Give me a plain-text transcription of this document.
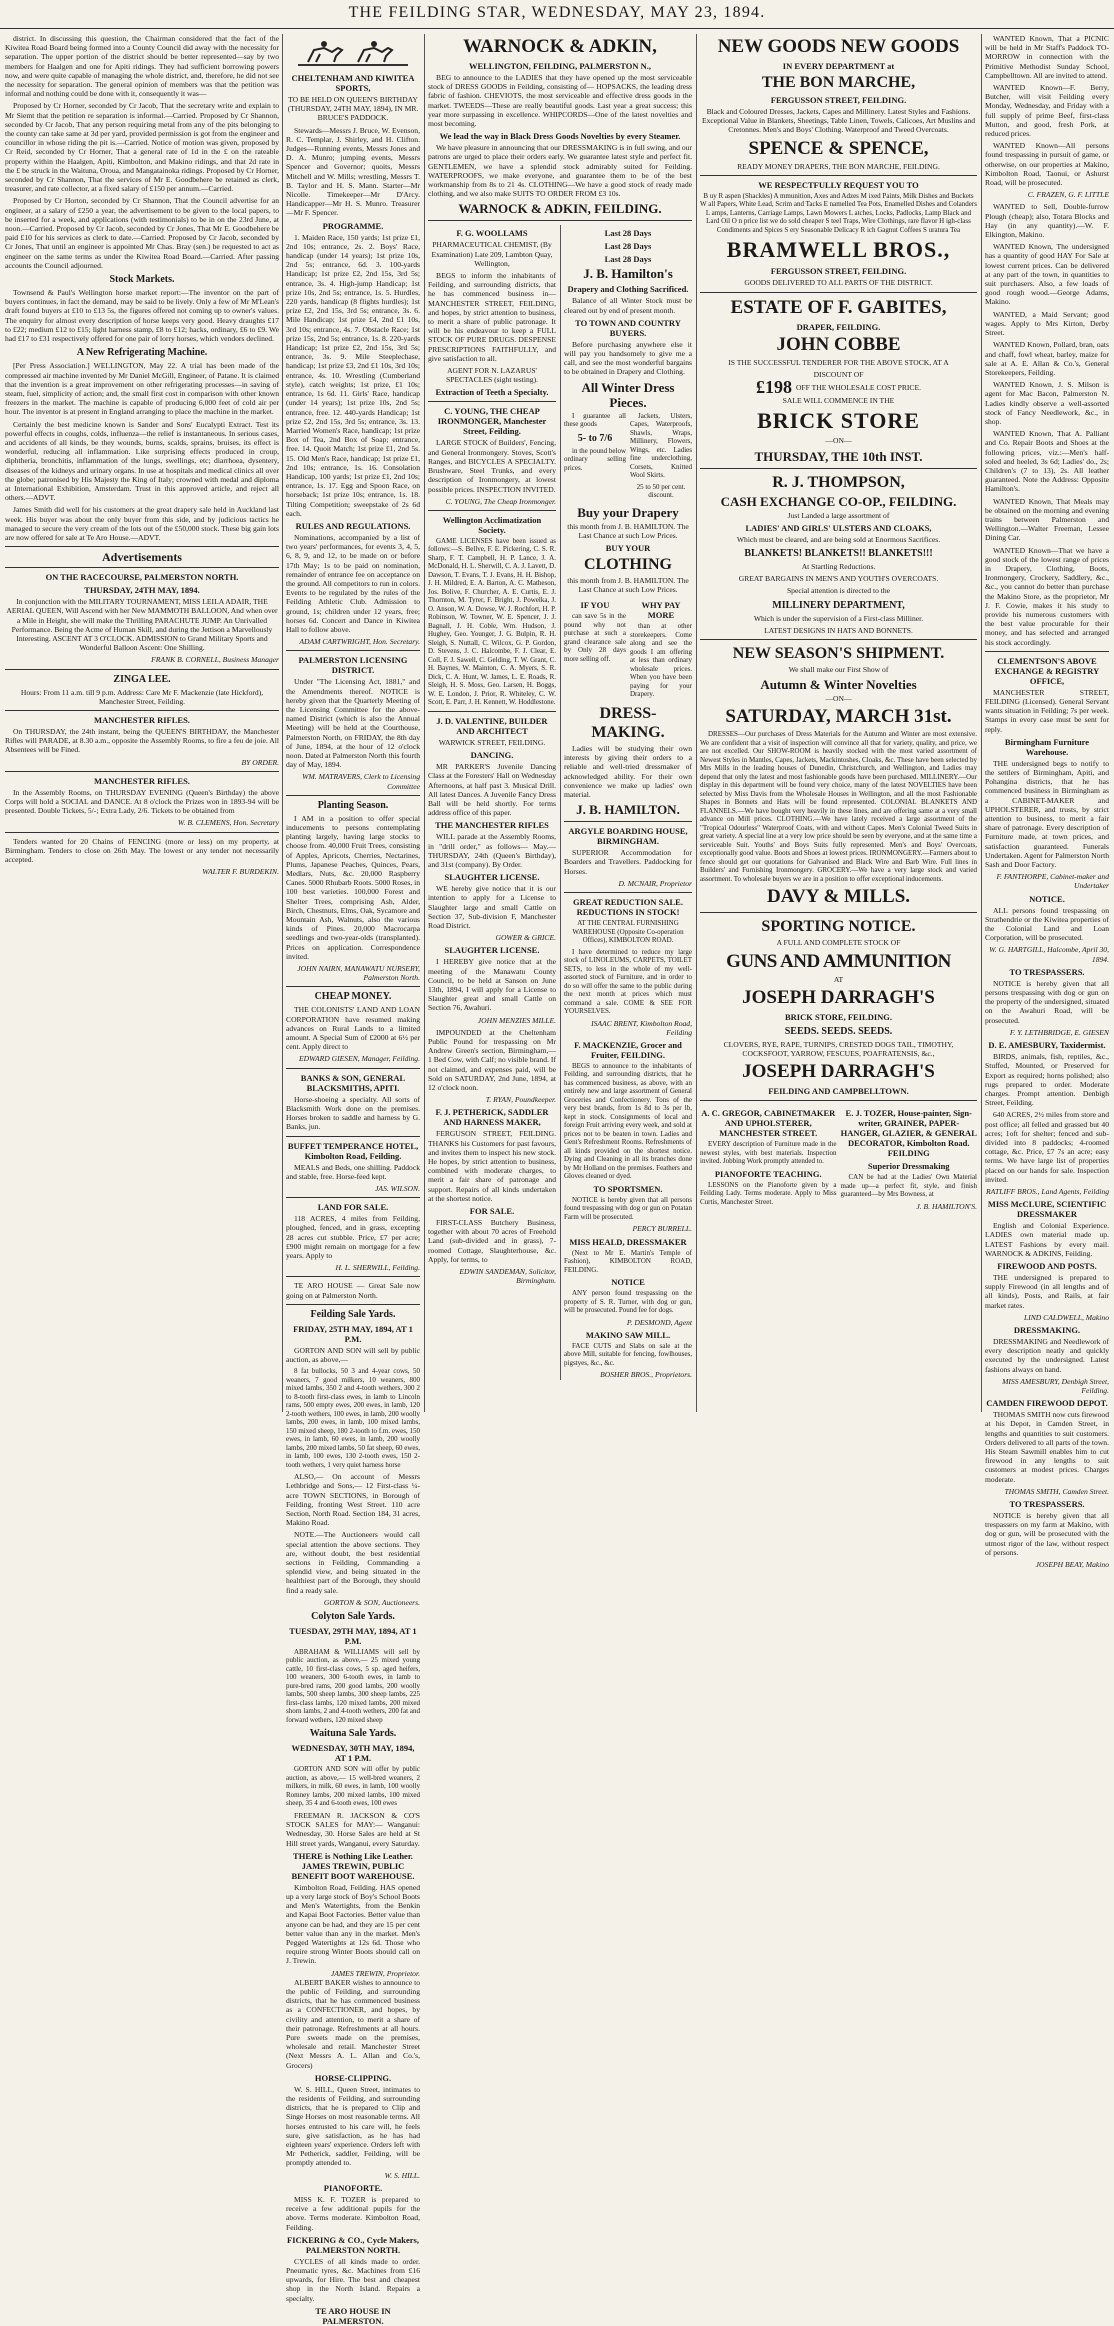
THE FEILDING STAR, WEDNESDAY, MAY 23, 1894.

district. In discussing this question, the Chairman considered that the fact of the Kiwitea Road Board being formed into a County Council did away with the necessity for separation. The upper portion of the district should be better represented—say by two members for Haalgen and one for Apiti ridings. They had sufficient borrowing powers now, and were quite capable of managing the whole district, and, therefore, he did not see the necessity for separation. The general opinion of members was that the petition was informal and nothing could be done with it, consequently it was—

Proposed by Cr Horner, seconded by Cr Jacob, That the secretary write and explain to Mr Siemt that the petition re separation is informal.—Carried. Proposed by Cr Shannon, seconded by Cr Jacob, That any person requiring metal from any of the pits belonging to the county can take same at 3d per yard, provided permission is got from the engineer and councillor in whose riding the pit is.—Carried. Notice of motion was given, proposed by Cr Reid, seconded by Cr Horner, That a general rate of 1d in the £ on the rateable property within the Haalgen, Apiti, Kimbolton, and Makino ridings, and that 2d rate in the £ be struck in the Waituna, Oroua, and Mangatainoka ridings. Proposed by Cr Horner, seconded by Cr Shannon, That the services of Mr E. Goodbehere be retained as clerk, treasurer, and rate collector, at a fixed salary of £150 per annum.—Carried.

Proposed by Cr Horton, seconded by Cr Shannon, That the Council advertise for an engineer, at a salary of £250 a year, the advertisement to be given to the local papers, to be inserted for a week, and applications (with testimonials) to be in on the 23rd June, at noon.—Carried. Proposed by Cr Jacob, seconded by Cr Jones, That Mr E. Goodbehere be paid £10 for his services as clerk to date.—Carried. Proposed by Cr Jacob, seconded by Cr Jones, That until an engineer is appointed Mr Chas. Bray (sen.) be requested to act as engineer on the same terms as under the Kiwitea Road Board.—Carried. After passing accounts the Council adjourned.

Stock Markets.

Townsend & Paul's Wellington horse market report:—The inventor on the part of buyers continues, in fact the demand, may be said to be lively. Only a few of Mr M'Lean's draft found buyers at £10 to £13 5s, the figures offered not coming up to owner's values. The enquiry for almost every description of horse keeps very good. Heavy draughts £17 to £22; medium £12 to £15; light harness stamp, £8 to £12; hacks, ordinary, £6 to £9. We had £17 to £31 respectively offered for one pair of lorry horses, which vendors declined.

A New Refrigerating Machine.

[Per Press Association.] WELLINGTON, May 22. A trial has been made of the compressed air machine invented by Mr Daniel McGill, Engineer, of Patane. It is claimed that the invention is a great improvement on other refrigerating processes—in saving of steam, fuel, simplicity of action; and, the small first cost in comparison with other known freezers in the market. The machine is capable of producing 6,000 feet of cold air per hour. The inventor is at present in England arranging to place the machine in the market.

Certainly the best medicine known is Sander and Sons' Eucalypti Extract. Test its powerful effects in coughs, colds, influenza—the relief is instantaneous. In serious cases, and accidents of all kinds, be they wounds, burns, scalds, sprains, bruises, its effect is wonderful, reducing all inflammation. Like surprising effects produced in croup, diphtheria, bronchitis, inflammation of the lungs, swellings, etc; diarrhoea, dysentery, diseases of the kidneys and urinary organs. In use at hospitals and medical clinics all over the globe; patronised by His Majesty the King of Italy; crowned with medal and diploma at International Exhibition, Amsterdam. Trust in this approved article, and reject all others.—ADVT.

James Smith did well for his customers at the great drapery sale held in Auckland last week. His buyer was about the only buyer from this side, and by judicious tactics he managed to secure the very cream of the lots out of the £50,000 stock. These big gain lots are now offered for sale at Te Aro House.—ADVT.

Advertisements
ON THE RACECOURSE, PALMERSTON NORTH.
THURSDAY, 24TH MAY, 1894.

In conjunction with the MILITARY TOURNAMENT, MISS LEILA ADAIR, THE AERIAL QUEEN, Will Ascend with her New MAMMOTH BALLOON, And when over a Mile in Height, she will make the Thrilling PARACHUTE JUMP. An Unrivalled Performance. Being the Acme of Human Skill, and during the Jettison a Marvellously Interesting. ASCENT AT 3 O'CLOCK. ADMISSION to Grand Military Sports and Wonderful Balloon Ascent: One Shilling.

FRANK B. CORNELL, Business Manager

ZINGA LEE.

Hours: From 11 a.m. till 9 p.m. Address: Care Mr F. Mackenzie (late Hickford), Manchester Street, Feilding.

MANCHESTER RIFLES.

On THURSDAY, the 24th instant, being the QUEEN'S BIRTHDAY, the Manchester Rifles will PARADE, at 8.30 a.m., opposite the Assembly Rooms, to fire a feu de joie. All Absentees will be Fined.

BY ORDER.

MANCHESTER RIFLES.

In the Assembly Rooms, on THURSDAY EVENING (Queen's Birthday) the above Corps will hold a SOCIAL and DANCE. At 8 o'clock the Prizes won in 1893-94 will be presented. Double Tickets, 5/-; Extra Lady, 2/6. Tickets to be obtained from

W. B. CLEMENS, Hon. Secretary

Tenders wanted for 20 Chains of FENCING (more or less) on my property, at Birmingham. Tenders to close on 26th May. The lowest or any tender not necessarily accepted.

WALTER F. BURDEKIN.

CHELTENHAM AND KIWITEA SPORTS,

TO BE HELD ON QUEEN'S BIRTHDAY (THURSDAY, 24TH MAY, 1894), IN MR. BRUCE'S PADDOCK.

Stewards—Messrs J. Bruce, W. Evenson, R. C. Templar, J. Shirley, and H. Clifton. Judges—Running events, Messrs Jones and D. A. Munro; jumping events, Messrs Spencer and Governor; quoits, Messrs Mitchell and W. Mills; wrestling, Messrs T. B. Taylor and H. S. Mann. Starter—Mr Nicolle. Timekeeper—Mr D'Arcy. Handicapper—Mr H. S. Munro. Treasurer—Mr F. Spencer.

PROGRAMME.

1. Maiden Race, 150 yards; 1st prize £1, 2nd 10s; entrance, 2s. 2. Boys' Race, handicap (under 14 years); 1st prize 10s, 2nd 5s; entrance, 6d. 3. 100-yards Handicap; 1st prize £2, 2nd 15s, 3rd 5s; entrance, 3s. 4. High-jump Handicap; 1st prize 10s, 2nd 5s; entrance, 1s. 5. Hurdles, 220 yards, handicap (8 flights hurdles); 1st prize £2, 2nd 15s, 3rd 5s; entrance, 3s. 6. Mile Handicap; 1st prize £4, 2nd £1 10s, 3rd 10s; entrance, 4s. 7. Obstacle Race; 1st prize 15s, 2nd 5s; entrance, 1s. 8. 220-yards Handicap; 1st prize £2, 2nd 15s, 3rd 5s; entrance, 3s. 9. Mile Steeplechase, handicap; 1st prize £3, 2nd £1 10s, 3rd 10s; entrance, 4s. 10. Wrestling (Cumberland style), catch weights; 1st prize, £1 10s; entrance, 1s 6d. 11. Girls' Race, handicap (under 14 years); 1st prize 10s, 2nd 5s; entrance, free. 12. 440-yards Handicap; 1st prize £2, 2nd 15s, 3rd 5s; entrance, 3s. 13. Married Women's Race, handicap; 1st prize Box of Tea, 2nd Box of Soap; entrance, free. 14. Quoit Match; 1st prize £1, 2nd 5s. 15. Old Men's Race, handicap; 1st prize £1, 2nd 10s; entrance, 1s. 16. Consolation Handicap, 100 yards; 1st prize £1, 2nd 10s; entrance, 1s. 17. Egg and Spoon Race, on horseback; 1st prize 10s; entrance, 1s. 18. Tilting Competition; sweepstake of 2s 6d each.

RULES AND REGULATIONS.

Nominations, accompanied by a list of two years' performances, for events 3, 4, 5, 6, 8, 9, and 12, to be made on or before 17th May; 1s to be paid on nomination, remainder of entrance fee on acceptance on the ground. All competitors to run in colors. Events to be regulated by the rules of the Feilding Athletic Club. Admission to ground, 1s; children under 12 years, free; horses 6d. Concert and Dance in Kiwitea Hall to follow above.

ADAM CARTWRIGHT, Hon. Secretary.

PALMERSTON LICENSING DISTRICT.

Under "The Licensing Act, 1881," and the Amendments thereof. NOTICE is hereby given that the Quarterly Meeting of the Licensing Committee for the above-named District (which is also the Annual Meeting) will be held at the Courthouse, Palmerston North, on FRIDAY, the 8th day of June, 1894, at the hour of 12 o'clock noon. Dated at Palmerston North this fourth day of May, 1894.

WM. MATRAVERS, Clerk to Licensing Committee

Planting Season.

I AM in a position to offer special inducements to persons contemplating planting largely, having large stocks to choose from. 40,000 Fruit Trees, consisting of Apples, Apricots, Cherries, Nectarines, Plums, Japanese Peaches, Quinces, Pears, Medlars, Nuts, &c. 20,000 Raspberry Canes. 5000 Rhubarb Roots. 5000 Roses, in 100 best varieties. 100,000 Forest and Shelter Trees, comprising Ash, Alder, Birch, Chestnuts, Elms, Oak, Sycamore and Mountain Ash, Walnuts, also the various kinds of Pines. 20,000 Macrocarpa seedlings and two-year-olds (transplanted). Prices on application. Correspondence invited.

JOHN NAIRN, MANAWATU NURSERY, Palmerston North.

CHEAP MONEY.

THE COLONISTS' LAND AND LOAN CORPORATION have resumed making advances on Rural Lands to a limited amount. A Special Sum of £2000 at 6½ per cent. Apply direct to

EDWARD GIESEN, Manager, Feilding.

BANKS & SON, GENERAL BLACKSMITHS, APITI.

Horse-shoeing a specialty. All sorts of Blacksmith Work done on the premises. Horses broken to saddle and harness by G. Banks, jun.

BUFFET TEMPERANCE HOTEL, Kimbolton Road, Feilding.

MEALS and Beds, one shilling. Paddock and stable, free. Horse-feed kept.

JAS. WILSON.

LAND FOR SALE.

118 ACRES, 4 miles from Feilding, ploughed, fenced, and in grass, excepting 28 acres cut stubble. Price, £7 per acre; £900 might remain on mortgage for a few years. Apply to

H. L. SHERWILL, Feilding.

TE ARO HOUSE — Great Sale now going on at Palmerston North.

Feilding Sale Yards.
FRIDAY, 25TH MAY, 1894, AT 1 P.M.

GORTON AND SON will sell by public auction, as above,—

8 fat bullocks, 50 3 and 4-year cows, 50 weaners, 7 good milkers, 10 weaners, 800 mixed lambs, 350 2 and 4-tooth wethers, 300 2 to 8-tooth first-class ewes, in lamb to Lincoln rams, 500 empty ewes, 200 ewes, in lamb, 120 2-tooth wethers, 100 ewes, in lamb, 200 woolly lambs, 200 ewes, in lamb, 100 mixed lambs, 150 mixed sheep, 180 2-tooth to f.m. ewes, 150 ewes, in lamb, 60 ewes, in lamb, 200 woolly lambs, 200 mixed lambs, 50 fat sheep, 60 ewes, in lamb, 100 ewes, 130 2-tooth ewes, 150 2-tooth wethers, 1 very quiet harness horse

ALSO,— On account of Messrs Lethbridge and Sons,— 12 First-class ¼-acre TOWN SECTIONS, in Borough of Feilding, fronting West Street. 110 acre Section, North Road. Section 184, 31 acres, Makino Road.

NOTE.—The Auctioneers would call special attention the above sections. They are, without doubt, the best residential sections in Feilding, Commanding a splendid view, and being situated in the healthiest part of the Borough, they should find a ready sale.

GORTON & SON, Auctioneers.
Colyton Sale Yards.
TUESDAY, 29TH MAY, 1894, AT 1 P.M.

ABRAHAM & WILLIAMS will sell by public auction, as above,— 25 mixed young cattle, 10 first-class cows, 5 sp. aged heifers, 100 weaners, 300 6-tooth ewes, in lamb to pure-bred rams, 200 good lambs, 200 woolly lambs, 500 sheep lambs, 300 sheep lambs, 225 first-class lambs, 120 mixed lambs, 200 mixed shorn lambs, 2 and 4-tooth wethers, 200 fat and forward wethers, 120 mixed sheep

Waituna Sale Yards.
WEDNESDAY, 30TH MAY, 1894, AT 1 P.M.

GORTON AND SON will offer by public auction, as above,— 15 well-bred weaners, 2 milkers, in milk, 60 ewes, in lamb, 100 woolly Romney lambs, 200 mixed lambs, 100 mixed sheep, 35 4 and 6-tooth ewes, 100 ewes

FREEMAN R. JACKSON & CO'S STOCK SALES for MAY:— Wanganui: Wednesday, 30. Horse Sales are held at St Hill street yards, Wanganui, every Saturday.

THERE is Nothing Like Leather. JAMES TREWIN, PUBLIC BENEFIT BOOT WAREHOUSE.

Kimbolton Road, Feilding. HAS opened up a very large stock of Boy's School Boots and Men's Watertights, from the Benkin and Kapai Boot Factories. Better value than anyone can be had, and they are 15 per cent better value than any in the market. Men's Pegged Watertights at 12s 6d. Those who require strong Winter Boots should call on J. Trewin.

JAMES TREWIN, Proprietor.

ALBERT BAKER wishes to announce to the public of Feilding, and surrounding districts, that he has commenced business as a CONFECTIONER, and hopes, by civility and attention, to merit a share of their patronage. Refreshments at all hours. Pure sweets made on the premises, wholesale and retail. Manchester Street (Next Messrs A. L. Allan and Co.'s, Grocers)

HORSE-CLIPPING.

W. S. HILL, Queen Street, intimates to the residents of Feilding, and surrounding districts, that he is prepared to Clip and Singe Horses on most reasonable terms. All horses entrusted to his care will, he feels sure, give satisfaction, as he has had eighteen years' experience. Orders left with Mr Petherick, saddler, Feilding, will be promptly attended to.

W. S. HILL.
PIANOFORTE.

MISS K. F. TOZER is prepared to receive a few additional pupils for the above. Terms moderate. Kimbolton Road, Feilding.

FICKERING & CO., Cycle Makers, PALMERSTON NORTH.

CYCLES of all kinds made to order. Pneumatic tyres, &c. Machines from £16 upwards, for Hire. The best and cheapest shop in the North Island. Repairs a specialty.

TE ARO HOUSE IN PALMERSTON.
WARNOCK & ADKIN,
WELLINGTON, FEILDING, PALMERSTON N.,

BEG to announce to the LADIES that they have opened up the most serviceable stock of DRESS GOODS in Feilding, consisting of— HOPSACKS, the leading dress fabric of fashion. CHEVIOTS, the most serviceable and effective dress goods in the market. TWEEDS—These are really beautiful goods. Last year a great success; this year more surpassing in excellence. WHIPCORDS—One of the latest novelties and most becoming.

We lead the way in Black Dress Goods Novelties by every Steamer.

We have pleasure in announcing that our DRESSMAKING is in full swing, and our patrons are urged to place their orders early. We guarantee latest style and perfect fit. GENTLEMEN, we have a splendid stock admirably suited for Feilding. WATERPROOFS, we make everyone, and guarantee them to be of the best workmanship from 8s to 21 4s. CLOTHING—We have a good stock of ready made clothing, and we also make SUITS TO ORDER FROM £3 10s.

WARNOCK & ADKIN, FEILDING.
F. G. WOOLLAMS

PHARMACEUTICAL CHEMIST, (By Examination) Late 209, Lambton Quay, Wellington,

BEGS to inform the inhabitants of Feilding, and surrounding districts, that he has commenced business in— MANCHESTER STREET, FEILDING, and hopes, by strict attention to business, to merit a share of public patronage. It will be his endeavour to keep a FULL STOCK OF PURE DRUGS. DESPENSE PRESCRIPTIONS FAITHFULLY, and give satisfaction to all.

AGENT FOR N. LAZARUS' SPECTACLES (sight testing).

Extraction of Teeth a Specialty.
C. YOUNG, THE CHEAP IRONMONGER, Manchester Street, Feilding.

LARGE STOCK of Builders', Fencing, and General Ironmongery. Stoves, Scott's Ranges, and BICYCLES A SPECIALTY. Brushware, Steel Trunks, and every description of Ironmongery, at lowest possible prices. INSPECTION INVITED.

C. YOUNG, The Cheap Ironmonger.

Wellington Acclimatization Society.

GAME LICENSES have been issued as follows:—S. Bellve, F. E. Pickering, C. S. R. Sharp, F. T. Campbell, H. P. Lance, J. A. McDonald, H. L. Sherwill, C. A. J. Lavett, D. Dawson, T. Evans, T. J. Evans, H. H. Bishop, J. H. Mildred, E. A. Barton, A. C. Matheson, Jos. Bolive, F. Churcher, A. E. Curtis, E. J. Thornton, M. Tyrer, F. Bright, J. Powelka, J. O. Anson, W. A. Dowse, W. J. Rochfort, H. P. Robinson, W. Towner, W. E. Spencer, J. J. Bagnall, J. H. Coble, Wm. Hudson, J. Hughey, Geo. Younger, J. G. Bulpin, R. H. Sleigh, S. Nuttall, C. Wilcox, G. P. Gordon, D. Stevens, J. C. Halcombe, F. J. Clear, E. Coll, F. J. Sawell, C. Gelding, T. W. Grant, C. H. Baynes, W. Mainton, C. A. Myers, S. R. Dick, C. A. Hunt, W. James, L. E. Roads, R. Sleigh, H. S. Moss, Geo. Larsen, H. Boggs, W. E. London, J. Prior, R. Whiteley, C. W. Scott, E. Parr, J. H. Kennett, W. Hoddlestone.

J. D. VALENTINE, BUILDER AND ARCHITECT

WARWICK STREET, FEILDING.

DANCING.

MR PARKER'S Juvenile Dancing Class at the Foresters' Hall on Wednesday Afternoons, at half past 3. Musical Drill. All latest Dances. A Juvenile Fancy Dress Ball will be held shortly. For terms address office of this paper.

THE MANCHESTER RIFLES

WILL parade at the Assembly Rooms, in "drill order," as follows— May.—THURSDAY, 24th (Queen's Birthday), and 31st (company). By Order.

SLAUGHTER LICENSE.

WE hereby give notice that it is our intention to apply for a License to Slaughter large and small Cattle on Section 37, Sub-division F, Manchester Road District.

GOWER & GRICE.

SLAUGHTER LICENSE.

I HEREBY give notice that at the meeting of the Manawatu County Council, to be held at Sanson on June 13th, 1894, I will apply for a License to Slaughter great and small Cattle on Section 76, Awahuri.

JOHN MENZIES MILLE.

IMPOUNDED at the Cheltenham Public Pound for trespassing on Mr Andrew Green's section, Birmingham,— 1 Bed Cow, with Calf; no visible brand. If not claimed, and expenses paid, will be Sold on SATURDAY, 2nd June, 1894, at 12 o'clock noon.

T. RYAN, Poundkeeper.

F. J. PETHERICK, SADDLER AND HARNESS MAKER,

FERGUSON STREET, FEILDING. THANKS his Customers for past favours, and invites them to inspect his new stock. He hopes, by strict attention to business, combined with moderate charges, to merit a fair share of patronage and support. Repairs of all kinds undertaken at the shortest notice.

FOR SALE.

FIRST-CLASS Butchery Business, together with about 70 acres of Freehold Land (sub-divided and in grass), 7-roomed Cottage, Slaughterhouse, &c. Apply, for terms, to

EDWIN SANDEMAN, Solicitor, Birmingham.

Last 28 Days
Last 28 Days
Last 28 Days
J. B. Hamilton's
Drapery and Clothing Sacrificed.

Balance of all Winter Stock must be cleared out by end of present month.

TO TOWN AND COUNTRY BUYERS.

Before purchasing anywhere else it will pay you handsomely to give me a call, and see the most wonderful bargains to be obtained in Drapery and Clothing.

All Winter Dress Pieces.

I guarantee all these goods

5- to 7/6

in the pound below ordinary selling prices.

Jackets, Ulsters, Capes, Waterproofs, Shawls, Wraps, Millinery, Flowers, Wings, etc. Ladies fine underclothing, Corsets, Knitted Wool Skirts.

25 to 50 per cent. discount.

Buy your Drapery

this month from J. B. HAMILTON. The Last Chance at such Low Prices.

BUY YOUR
CLOTHING

this month from J. B. HAMILTON. The Last Chance at such Low Prices.

IF YOU

can save 5s in the pound why not purchase at such a grand clearance sale by Only 28 days more selling off.

WHY PAY MORE

than at other storekeepers. Come along and see the goods I am offering at less than ordinary wholesale prices. When you have been paying for your Drapery.

DRESS-MAKING.

Ladies will be studying their own interests by giving their orders to a reliable and well-tried dressmaker of acknowledged ability. For their own convenience we make up ladies' own material.

J. B. HAMILTON.
ARGYLE BOARDING HOUSE, BIRMINGHAM.

SUPERIOR Accommodation for Boarders and Travellers. Paddocking for Horses.

D. MCNAIR, Proprietor

GREAT REDUCTION SALE. REDUCTIONS IN STOCK!

AT THE CENTRAL FURNISHING WAREHOUSE (Opposite Co-operation Offices), KIMBOLTON ROAD.

I have determined to reduce my large stock of LINOLEUMS, CARPETS, TOILET SETS, to less in the whole of my well-assorted stock of Furniture, and in order to do so will offer the same to the public during the next month at prices which must command a sale. COME & SEE FOR YOURSELVES.

ISAAC BRENT, Kimbolton Road, Feilding

F. MACKENZIE, Grocer and Fruiter, FEILDING.

BEGS to announce to the inhabitants of Feilding, and surrounding districts, that he has commenced business, as above, with an entirely new and large assortment of General Groceries and Confectionery. Tons of the very best brands, from 1s 8d to 3s per lb, kept in stock. Consignments of local and foreign Fruit arriving every week, and sold at prices not to be beaten in town. Ladies and Gent's Refreshment Rooms. Refreshments of all kinds provided on the shortest notice. Dying and Cleaning in all its branches done by Mr Holland on the premises. Feathers and Gloves cleaned or dyed.

TO SPORTSMEN.

NOTICE is hereby given that all persons found trespassing with dog or gun on Potatan Farm will be prosecuted.

PERCY BURRELL.

MISS HEALD, DRESSMAKER

(Next to Mr E. Martin's Temple of Fashion), KIMBOLTON ROAD, FEILDING.

NOTICE

ANY person found trespassing on the property of S. R. Turner, with dog or gun, will be prosecuted. Pound fee for dogs.

P. DESMOND, Agent
MAKINO SAW MILL.

FACE CUTS and Slabs on sale at the above Mill, suitable for fencing, fowlhouses, pigstyes, &c., &c.

BOSHER BROS., Proprietors.
NEW GOODS NEW GOODS
IN EVERY DEPARTMENT at
THE BON MARCHE,
FERGUSSON STREET, FEILDING.

Black and Coloured Dresses, Jackets, Capes and Millinery. Latest Styles and Fashions. Exceptional Value in Blankets, Sheetings, Table Linen, Towels, Calicoes, Art Muslins and Cretonnes. Men's and Boys' Clothing. Waterproof and Tweed Overcoats.

SPENCE & SPENCE,

READY MONEY DRAPERS, THE BON MARCHE, FEILDING.

WE RESPECTFULLY REQUEST YOU TO

B uy R aspen (Shackles) A mmunition, Axes and Adzes M ixed Paints, Milk Dishes and Buckets W all Papers, White Lead, Scrim and Tacks E namelled Tea Pots, Enamelled Dishes and Colanders L amps, Lanterns, Carriage Lamps, Lawn Mowers L atches, Locks, Padlocks, Lamp Black and Lard Oil O n price list we do sold cheaper S teel Traps, Wire Clothings, rare flavor H igh-class Condiments and Spices S ery Seasonable Delicacy R ich Gagnut Coffees S uratura Tea

BRAMWELL BROS.,
FERGUSSON STREET, FEILDING.

GOODS DELIVERED TO ALL PARTS OF THE DISTRICT.

ESTATE OF F. GABITES,
DRAPER, FEILDING.
JOHN COBBE

IS THE SUCCESSFUL TENDERER FOR THE ABOVE STOCK, AT A

DISCOUNT OF

£198 OFF THE WHOLESALE COST PRICE.

SALE WILL COMMENCE IN THE

BRICK STORE

—ON—

THURSDAY, THE 10th INST.
R. J. THOMPSON,
CASH EXCHANGE CO-OP., FEILDING.

Just Landed a large assortment of

LADIES' AND GIRLS' ULSTERS AND CLOAKS,

Which must be cleared, and are being sold at Enormous Sacrifices.

BLANKETS! BLANKETS!! BLANKETS!!!

At Startling Reductions.

GREAT BARGAINS IN MEN'S AND YOUTH'S OVERCOATS.

Special attention is directed to the

MILLINERY DEPARTMENT,

Which is under the supervision of a First-class Milliner.

LATEST DESIGNS IN HATS AND BONNETS.

NEW SEASON'S SHIPMENT.

We shall make our First Show of

Autumn & Winter Novelties

—ON—

SATURDAY, MARCH 31st.

DRESSES—Our purchases of Dress Materials for the Autumn and Winter are most extensive. We are confident that a visit of inspection will convince all that for variety, quality, and price, we are not excelled. Our SHOW-ROOM is heavily stocked with the most varied assortment of Newest Styles in Mantles, Capes, Jackets, Mackintoshes, Cloaks, &c. These have been selected by Mrs Mills in the leading houses of Dunedin, Christchurch, and Wellington, and Ladies may depend that only the latest and most fashionable goods have been purchased. MILLINERY.—Our display in this department will be found very choice, many of the latest NOVELTIES have been selected by Miss Davis from the Wholesale Houses in Wellington, and all the most Fashionable Shapes in Bonnets and Hats will be found represented. COLONIAL BLANKETS AND FLANNELS.—We have bought very heavily in these lines, and are offering same at a very small advance on Mill prices. CLOTHING.—We have lately received a large assortment of the "Tropical Odourless" Waterproof Coats, with and without Capes. Men's Colonial Tweed Suits in great variety. A special line at a very low price should be seen by everyone, and at the same time a serviceable Suit. Youths' and Boys Suits fully represented. Men's and Boys' Overcoats, exceptionally good value. Boots and Shoes at lowest prices. IRONMONGERY.—Farmers about to fence should get our quotations for Galvanised and Black Wire and Barb Wire. Full lines in Builders' and Furnishing Ironmongery. GROCERY.—We have a very large stock and varied assortment. To wholesale buyers we are in a position to offer exceptional inducements.

DAVY & MILLS.
SPORTING NOTICE.

A FULL AND COMPLETE STOCK OF

GUNS AND AMMUNITION

AT

JOSEPH DARRAGH'S
BRICK STORE, FEILDING.
SEEDS. SEEDS. SEEDS.

CLOVERS, RYE, RAPE, TURNIPS, CRESTED DOGS TAIL, TIMOTHY, COCKSFOOT, YARROW, FESCUES, POAFRATENSIS, &c.,

JOSEPH DARRAGH'S
FEILDING AND CAMPBELLTOWN.
A. C. GREGOR, CABINETMAKER AND UPHOLSTERER, MANCHESTER STREET.

EVERY description of Furniture made in the newest styles, with best materials. Inspection invited. Jobbing Work promptly attended to.

PIANOFORTE TEACHING.

LESSONS on the Pianoforte given by a Feilding Lady. Terms moderate. Apply to Miss Curtis, Manchester Street.

E. J. TOZER, House-painter, Sign-writer, GRAINER, PAPER-HANGER, GLAZIER, & GENERAL DECORATOR, Kimbolton Road. FEILDING
Superior Dressmaking

CAN be had at the Ladies' Own Material made up—a perfect fit, style, and finish guaranteed—by Mrs Bowness, at

J. B. HAMILTON'S.

WANTED Known, That a PICNIC will be held in Mr Staff's Paddock TO-MORROW in connection with the Primitive Methodist Sunday School, Campbelltown. All are invited to attend.

WANTED Known—F. Berry, Butcher, will visit Feilding every Monday, Wednesday, and Friday with a full supply of prime Beef, first-class Mutton, and good, fresh Pork, at reduced prices.

WANTED Known—All persons found trespassing in pursuit of game, or otherwise, on our properties at Makino, Kimbolton Road, Taonui, or Ashurst Road, will be prosecuted.

C. FRAZEN, G. F. LITTLE

WANTED to Sell, Double-furrow Plough (cheap); also, Totara Blocks and Hay (in any quantity).—W. F. Elkington, Makino.

WANTED Known, The undersigned has a quantity of good HAY For Sale at lowest current prices. Can be delivered at any part of the town, in quantities to suit purchasers. Also, a few loads of good rough wood.—George Adams, Makino.

WANTED, a Maid Servant; good wages. Apply to Mrs Kirton, Derby Street.

WANTED Known, Pollard, bran, oats and chaff, fowl wheat, barley, maize for sale at A. E. Allan & Co.'s, General Storekeepers, Feilding.

WANTED Known, J. S. Milson is agent for Mac Bacon, Palmerston N. Ladies kindly observe a well-assorted stock of Fancy Needlework, &c., in shop.

WANTED Known, That A. Palliant and Co. Repair Boots and Shoes at the following prices, viz.:—Men's half-soled and heeled, 3s 6d; Ladies' do., 2s; Children's (7 to 13), 2s. All leather guaranteed. Note the Address: Opposite Hamilton's.

WANTED Known, That Meals may be obtained on the morning and evening trains between Palmerston and Wellington.—Walter Freeman, Lessee Dining Car.

WANTED Known—That we have a good stock of the lowest range of prices in Drapery, Clothing, Boots, Ironmongery, Crockery, Saddlery, &c., &c., you cannot do better than purchase the Makino Store, as the proprietor, Mr J. F. Cowie, makes it his study to provide his numerous customers with the best value procurable for their money, and has selected and arranged his stock accordingly.

CLEMENTSON'S ABOVE EXCHANGE & REGISTRY OFFICE,

MANCHESTER STREET, FEILDING (Licensed). General Servant wants situation in Feilding; 7s per week. Stamps in every case must be sent for reply.

Birmingham Furniture Warehouse.

THE undersigned begs to notify to the settlers of Birmingham, Apiti, and Pohangina districts, that he has commenced business in Birmingham as a CABINET-MAKER and UPHOLSTERER, and trusts, by strict attention to business, to merit a fair share of patronage. Every description of Furniture made, at town prices, and satisfaction guaranteed. Funerals Undertaken. Agent for Palmerston North Sash and Door Factory.

F. FANTHORPE, Cabinet-maker and Undertaker

NOTICE.

ALL persons found trespassing on Strathendrie or the Kiwitea properties of the Colonial Land and Loan Corporation, will be prosecuted.

W. G. HARTGILL, Halcombe, April 30, 1894.

TO TRESPASSERS.

NOTICE is hereby given that all persons trespassing with dog or gun on the property of the undersigned, situated on the Awahuri Road, will be prosecuted.

F. Y. LETHBRIDGE, E. GIESEN

D. E. AMESBURY, Taxidermist.

BIRDS, animals, fish, reptiles, &c., Stuffed, Mounted, or Preserved for Export as required; horns polished; also rugs prepared to order. Moderate charges. Prompt attention. Denbigh Street, Feilding.

640 ACRES, 2½ miles from store and post office; all felled and grassed but 40 acres; 1oft for shelter; fenced and sub-divided into 8 paddocks; 4-roomed cottage, &c. Price, £7 7s an acre; easy terms. We have large list of properties placed on our hands for sale. Inspection invited.

RATLIFF BROS., Land Agents, Feilding

MISS McCLURE, SCIENTIFIC DRESSMAKER

English and Colonial Experience. LADIES own material made up. LATEST Fashions by every mail. WARNOCK & ADKINS, Feilding.

FIREWOOD AND POSTS.

THE undersigned is prepared to supply Firewood (in all lengths and of all kinds), Posts, and Rails, at fair market rates.

LIND CALDWELL, Makino

DRESSMAKING.

DRESSMAKING and Needlework of every description neatly and quickly executed by the undersigned. Latest fashions always on hand.

MISS AMESBURY, Denbigh Street, Feilding.

CAMDEN FIREWOOD DEPOT.

THOMAS SMITH now cuts firewood at his Depot, in Camden Street, in lengths and quantities to suit customers. Orders delivered to all parts of the town. His Steam Sawmill enables him to cut firewood in any lengths to suit customers at modest prices. Charges moderate.

THOMAS SMITH, Camden Street.

TO TRESPASSERS.

NOTICE is hereby given that all trespassers on my farm at Makino, with dog or gun, will be prosecuted with the utmost rigor of the law, without respect of persons.

JOSEPH BEAY, Makino
